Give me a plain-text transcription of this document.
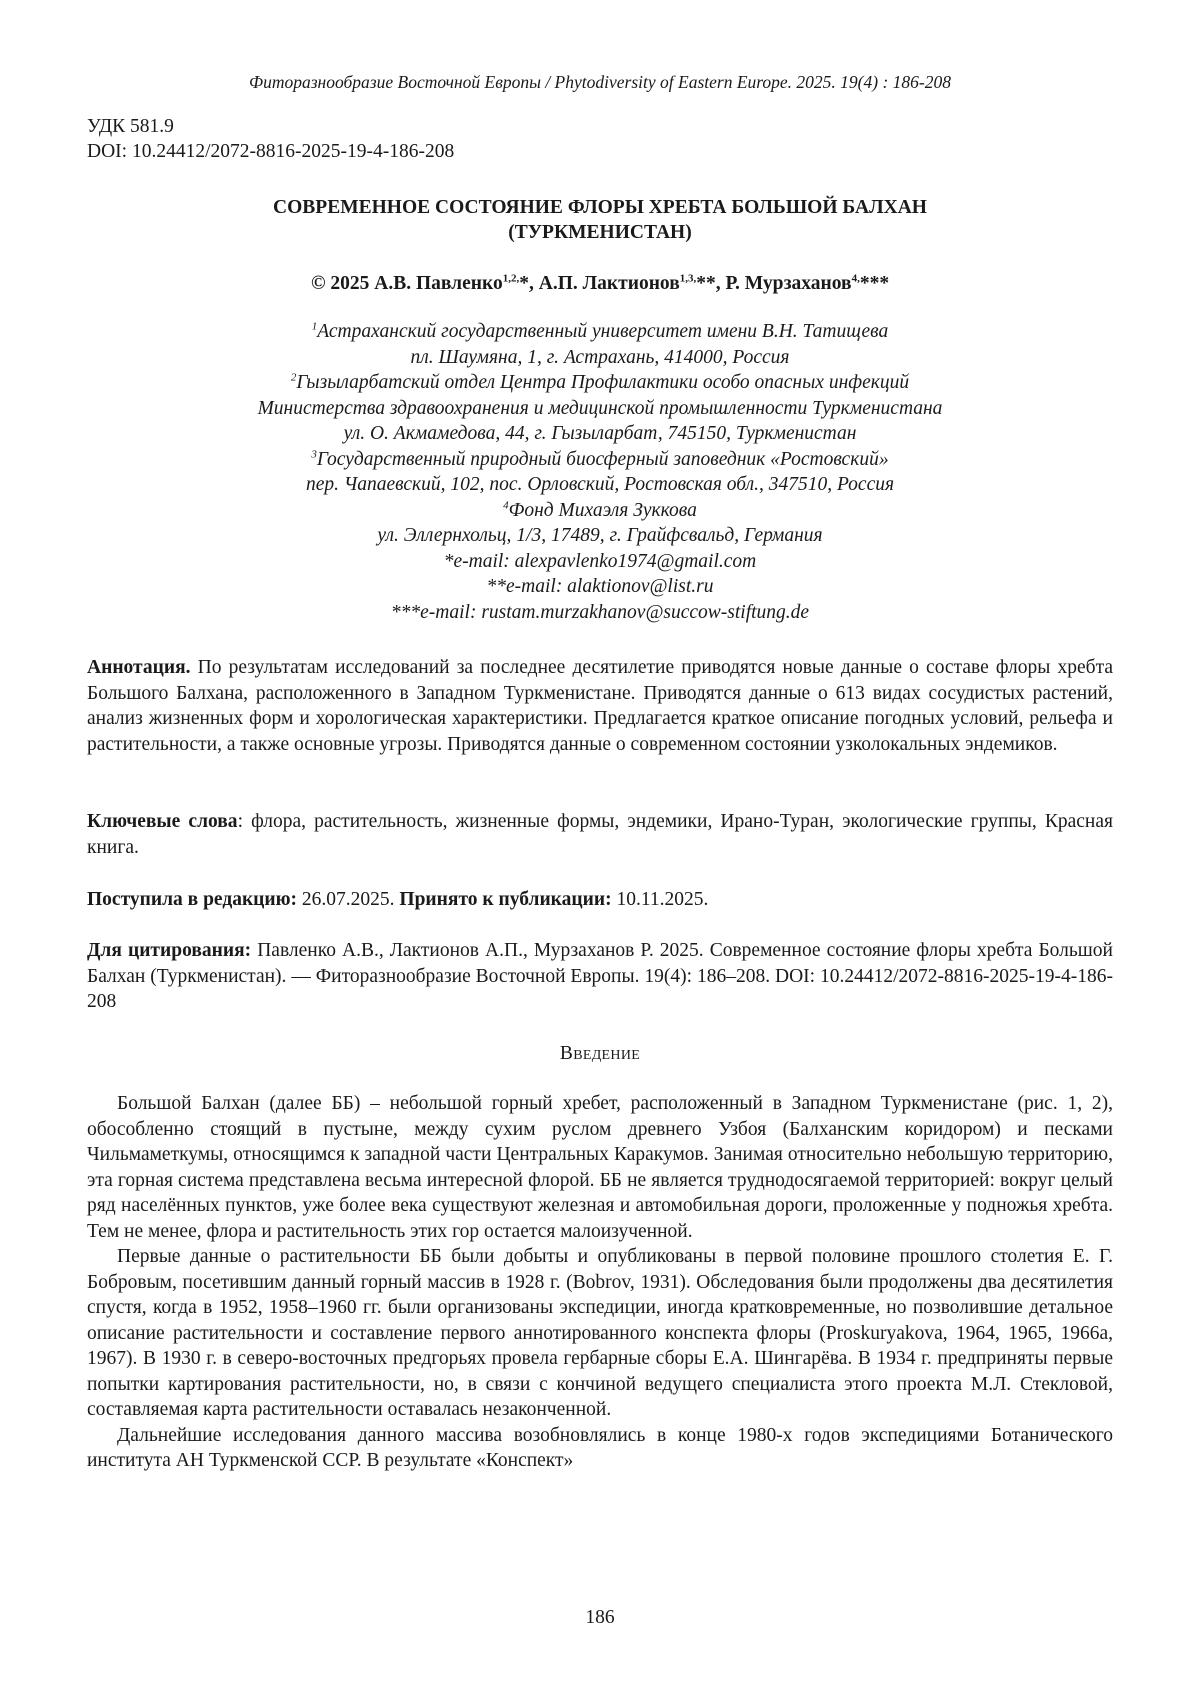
Фиторазнообразие Восточной Европы / Phytodiversity of Eastern Europe. 2025. 19(4) : 186-208
УДК 581.9
DOI: 10.24412/2072-8816-2025-19-4-186-208
СОВРЕМЕННОЕ СОСТОЯНИЕ ФЛОРЫ ХРЕБТА БОЛЬШОЙ БАЛХАН
(ТУРКМЕНИСТАН)
© 2025 А.В. Павленко1,2,*, А.П. Лактионов1,3,**, Р. Мурзаханов4,***
1Астраханский государственный университет имени В.Н. Татищева
пл. Шаумяна, 1, г. Астрахань, 414000, Россия
2Гызыларбатский отдел Центра Профилактики особо опасных инфекций
Министерства здравоохранения и медицинской промышленности Туркменистана
ул. О. Акмамедова, 44, г. Гызыларбат, 745150, Туркменистан
3Государственный природный биосферный заповедник «Ростовский»
пер. Чапаевский, 102, пос. Орловский, Ростовская обл., 347510, Россия
4Фонд Михаэля Зуккова
ул. Эллернхольц, 1/3, 17489, г. Грайфсвальд, Германия
*e-mail: alexpavlenko1974@gmail.com
**e-mail: alaktionov@list.ru
***e-mail: rustam.murzakhanov@succow-stiftung.de
Аннотация. По результатам исследований за последнее десятилетие приводятся новые данные о составе флоры хребта Большого Балхана, расположенного в Западном Туркменистане. Приводятся данные о 613 видах сосудистых растений, анализ жизненных форм и хорологическая характеристики. Предлагается краткое описание погодных условий, рельефа и растительности, а также основные угрозы. Приводятся данные о современном состоянии узколокальных эндемиков.
Ключевые слова: флора, растительность, жизненные формы, эндемики, Ирано-Туран, экологические группы, Красная книга.
Поступила в редакцию: 26.07.2025. Принято к публикации: 10.11.2025.
Для цитирования: Павленко А.В., Лактионов А.П., Мурзаханов Р. 2025. Современное состояние флоры хребта Большой Балхан (Туркменистан). — Фиторазнообразие Восточной Европы. 19(4): 186–208. DOI: 10.24412/2072-8816-2025-19-4-186-208
Введение
Большой Балхан (далее ББ) – небольшой горный хребет, расположенный в Западном Туркменистане (рис. 1, 2), обособленно стоящий в пустыне, между сухим руслом древнего Узбоя (Балханским коридором) и песками Чильмаметкумы, относящимся к западной части Центральных Каракумов. Занимая относительно небольшую территорию, эта горная система представлена весьма интересной флорой. ББ не является труднодосягаемой территорией: вокруг целый ряд населённых пунктов, уже более века существуют железная и автомобильная дороги, проложенные у подножья хребта. Тем не менее, флора и растительность этих гор остается малоизученной.
Первые данные о растительности ББ были добыты и опубликованы в первой половине прошлого столетия Е. Г. Бобровым, посетившим данный горный массив в 1928 г. (Bobrov, 1931). Обследования были продолжены два десятилетия спустя, когда в 1952, 1958–1960 гг. были организованы экспедиции, иногда кратковременные, но позволившие детальное описание растительности и составление первого аннотированного конспекта флоры (Proskuryakova, 1964, 1965, 1966a, 1967). В 1930 г. в северо-восточных предгорьях провела гербарные сборы Е.А. Шингарёва. В 1934 г. предприняты первые попытки картирования растительности, но, в связи с кончиной ведущего специалиста этого проекта М.Л. Стекловой, составляемая карта растительности оставалась незаконченной.
Дальнейшие исследования данного массива возобновлялись в конце 1980-х годов экспедициями Ботанического института АН Туркменской ССР. В результате «Конспект»
186
